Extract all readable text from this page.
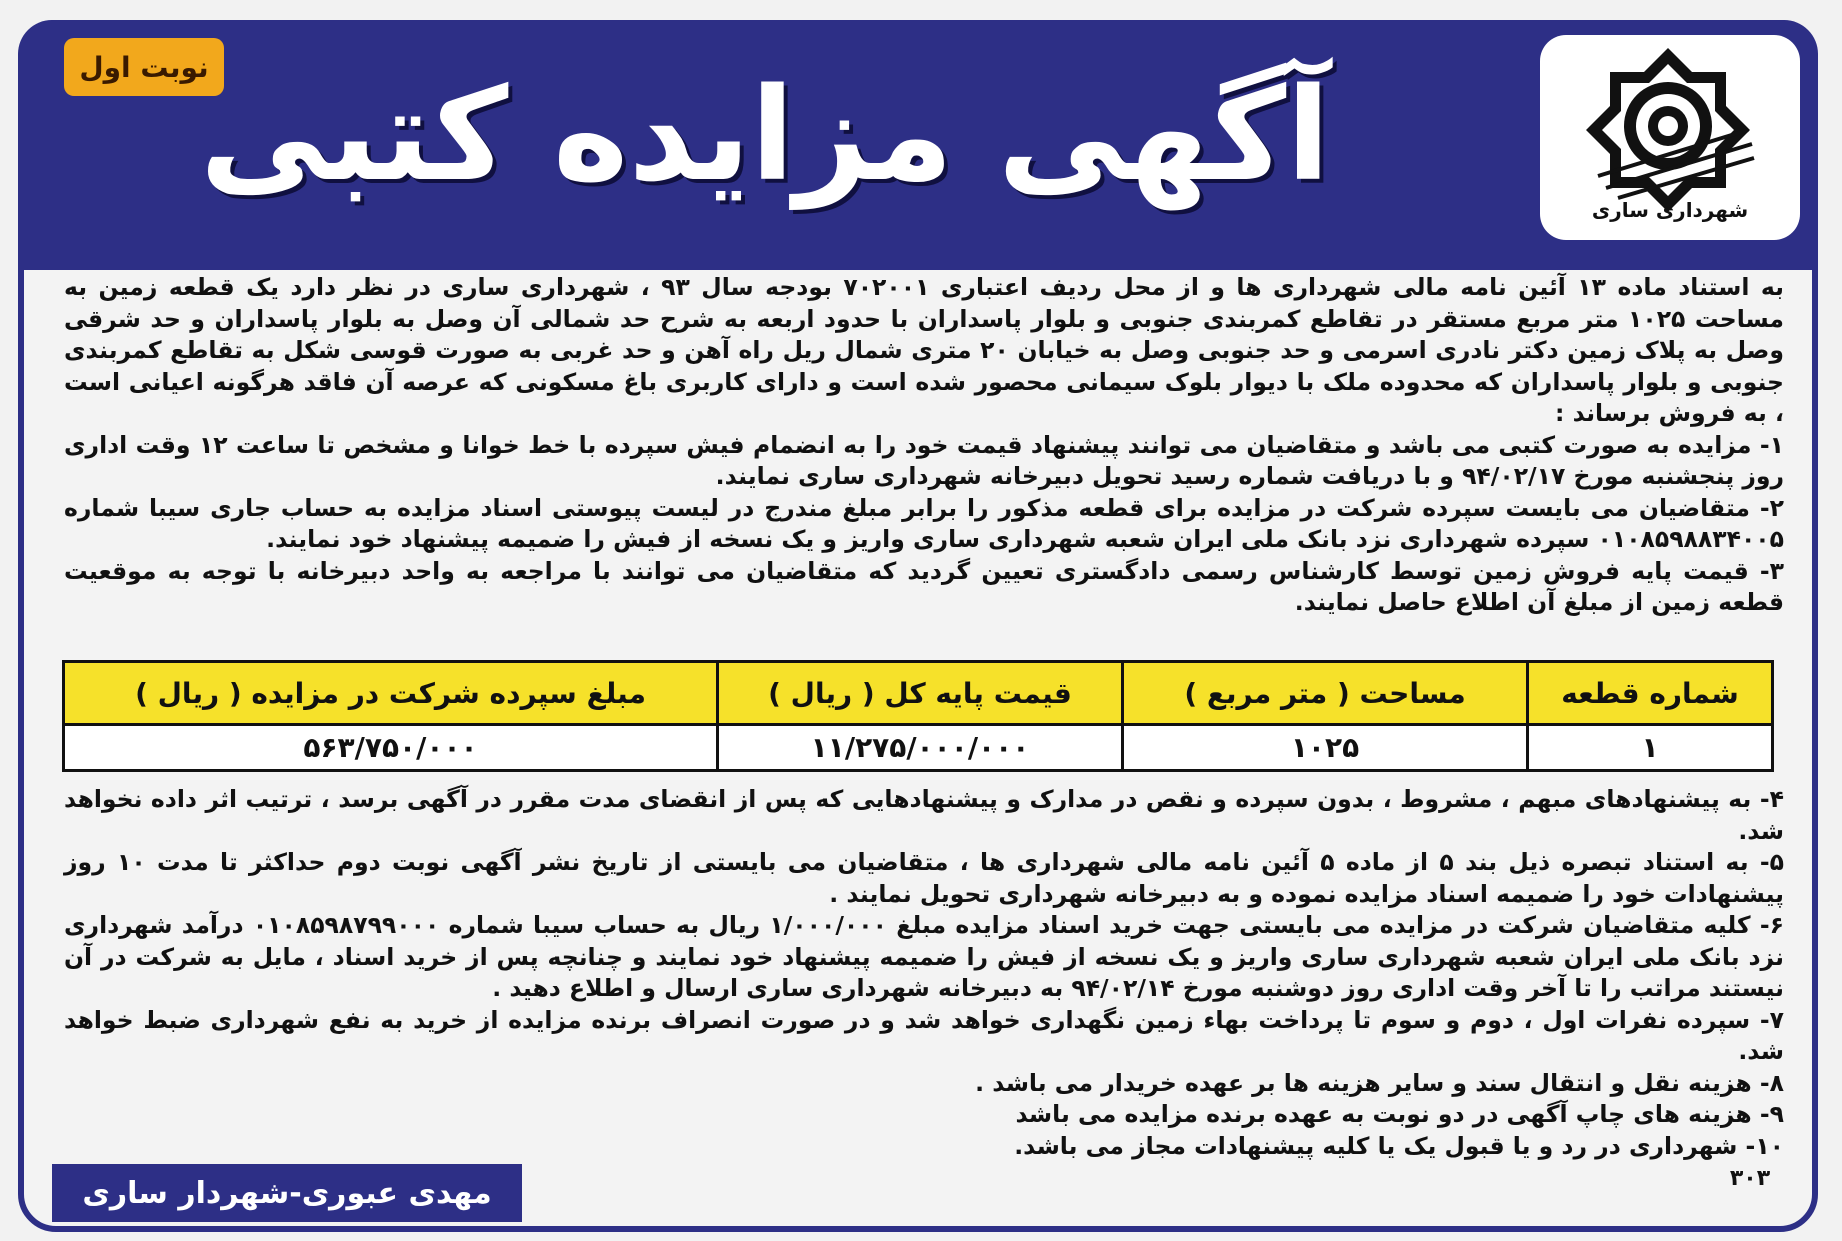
نوبت اول
آگهی مزایده کتبی
شهرداری ساری

به استناد ماده ۱۳ آئین نامه مالی شهرداری ها و از محل ردیف اعتباری ۷۰۲۰۰۱ بودجه سال ۹۳ ، شهرداری ساری در نظر دارد یک قطعه زمین به مساحت ۱۰۲۵ متر مربع مستقر در تقاطع کمربندی جنوبی و بلوار پاسداران با حدود اربعه به شرح حد شمالی آن وصل به بلوار پاسداران و حد شرقی وصل به پلاک زمین دکتر نادری اسرمی و حد جنوبی وصل به خیابان ۲۰ متری شمال ریل راه آهن و حد غربی به صورت قوسی شکل به تقاطع کمربندی جنوبی و بلوار پاسداران که محدوده ملک با دیوار بلوک سیمانی محصور شده است و دارای کاربری باغ مسکونی که عرصه آن فاقد هرگونه اعیانی است ، به فروش برساند :

۱- مزایده به صورت کتبی می باشد و متقاضیان می توانند پیشنهاد قیمت خود را به انضمام فیش سپرده با خط خوانا و مشخص تا ساعت ۱۲ وقت اداری روز پنجشنبه مورخ ۹۴/۰۲/۱۷ و با دریافت شماره رسید تحویل دبیرخانه شهرداری ساری نمایند.

۲- متقاضیان می بایست سپرده شرکت در مزایده برای قطعه مذکور را برابر مبلغ مندرج در لیست پیوستی اسناد مزایده به حساب جاری سیبا شماره ۰۱۰۸۵۹۸۸۳۴۰۰۵ سپرده شهرداری نزد بانک ملی ایران شعبه شهرداری ساری واریز و یک نسخه از فیش را ضمیمه پیشنهاد خود نمایند.

۳- قیمت پایه فروش زمین توسط کارشناس رسمی دادگستری تعیین گردید که متقاضیان می توانند با مراجعه به واحد دبیرخانه با توجه به موقعیت قطعه زمین از مبلغ آن اطلاع حاصل نمایند.

شماره قطعه	مساحت ( متر مربع )	قیمت پایه کل ( ریال )	مبلغ سپرده شرکت در مزایده ( ریال )
۱	۱۰۲۵	۱۱/۲۷۵/۰۰۰/۰۰۰	۵۶۳/۷۵۰/۰۰۰

۴- به پیشنهادهای مبهم ، مشروط ، بدون سپرده و نقص در مدارک و پیشنهادهایی که پس از انقضای مدت مقرر در آگهی برسد ، ترتیب اثر داده نخواهد شد.

۵- به استناد تبصره ذیل بند ۵ از ماده ۵ آئین نامه مالی شهرداری ها ، متقاضیان می بایستی از تاریخ نشر آگهی نوبت دوم حداکثر تا مدت ۱۰ روز پیشنهادات خود را ضمیمه اسناد مزایده نموده و به دبیرخانه شهرداری تحویل نمایند .

۶- کلیه متقاضیان شرکت در مزایده می بایستی جهت خرید اسناد مزایده مبلغ ۱/۰۰۰/۰۰۰ ریال به حساب سیبا شماره ۰۱۰۸۵۹۸۷۹۹۰۰۰ درآمد شهرداری نزد بانک ملی ایران شعبه شهرداری ساری واریز و یک نسخه از فیش را ضمیمه پیشنهاد خود نمایند و چنانچه پس از خرید اسناد ، مایل به شرکت در آن نیستند مراتب را تا آخر وقت اداری روز دوشنبه مورخ ۹۴/۰۲/۱۴ به دبیرخانه شهرداری ساری ارسال و اطلاع دهید .

۷- سپرده نفرات اول ، دوم و سوم تا پرداخت بهاء زمین نگهداری خواهد شد و در صورت انصراف برنده مزایده از خرید به نفع شهرداری ضبط خواهد شد.

۸- هزینه نقل و انتقال سند و سایر هزینه ها بر عهده خریدار می باشد .

۹- هزینه های چاپ آگهی در دو نوبت به عهده برنده مزایده می باشد

۱۰- شهرداری در رد و یا قبول یک یا کلیه پیشنهادات مجاز می باشد.

مهدی عبوری-شهردار ساری	۳۰۳
